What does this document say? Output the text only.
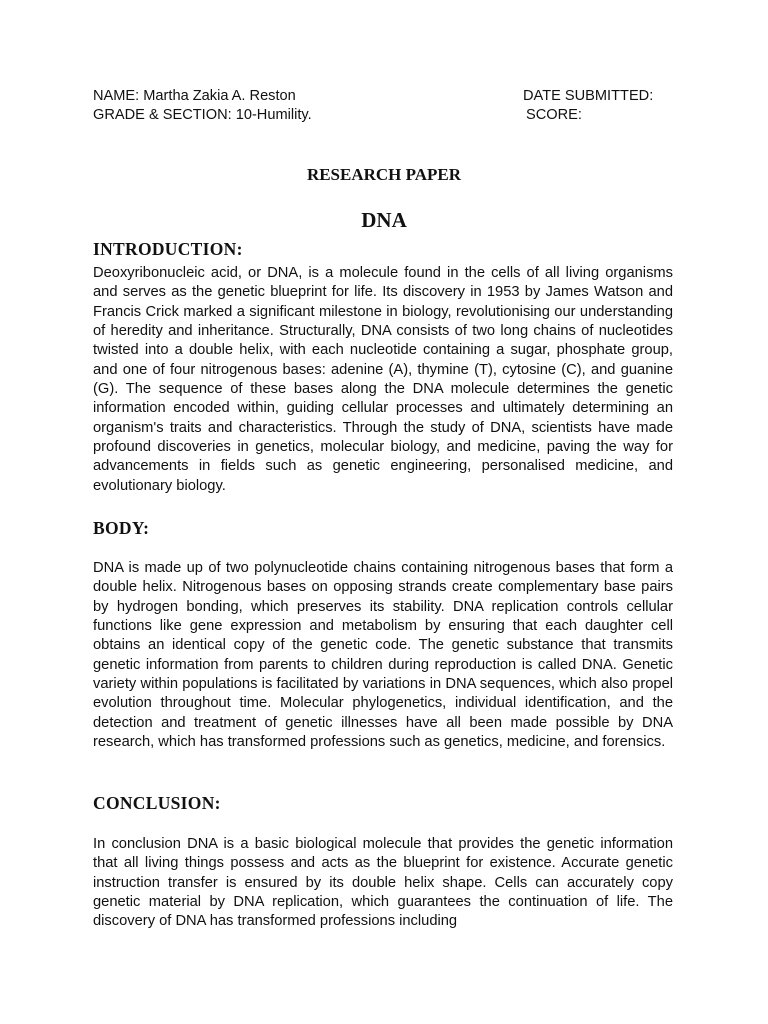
NAME: Martha Zakia A. Reston
GRADE & SECTION: 10-Humility.
DATE SUBMITTED:
SCORE:
RESEARCH PAPER
DNA
INTRODUCTION:
Deoxyribonucleic acid, or DNA, is a molecule found in the cells of all living organisms and serves as the genetic blueprint for life. Its discovery in 1953 by James Watson and Francis Crick marked a significant milestone in biology, revolutionising our understanding of heredity and inheritance. Structurally, DNA consists of two long chains of nucleotides twisted into a double helix, with each nucleotide containing a sugar, phosphate group, and one of four nitrogenous bases: adenine (A), thymine (T), cytosine (C), and guanine (G). The sequence of these bases along the DNA molecule determines the genetic information encoded within, guiding cellular processes and ultimately determining an organism's traits and characteristics. Through the study of DNA, scientists have made profound discoveries in genetics, molecular biology, and medicine, paving the way for advancements in fields such as genetic engineering, personalised medicine, and evolutionary biology.
BODY:
DNA is made up of two polynucleotide chains containing nitrogenous bases that form a double helix. Nitrogenous bases on opposing strands create complementary base pairs by hydrogen bonding, which preserves its stability. DNA replication controls cellular functions like gene expression and metabolism by ensuring that each daughter cell obtains an identical copy of the genetic code. The genetic substance that transmits genetic information from parents to children during reproduction is called DNA. Genetic variety within populations is facilitated by variations in DNA sequences, which also propel evolution throughout time. Molecular phylogenetics, individual identification, and the detection and treatment of genetic illnesses have all been made possible by DNA research, which has transformed professions such as genetics, medicine, and forensics.
CONCLUSION:
In conclusion DNA is a basic biological molecule that provides the genetic information that all living things possess and acts as the blueprint for existence. Accurate genetic instruction transfer is ensured by its double helix shape. Cells can accurately copy genetic material by DNA replication, which guarantees the continuation of life. The discovery of DNA has transformed professions including
